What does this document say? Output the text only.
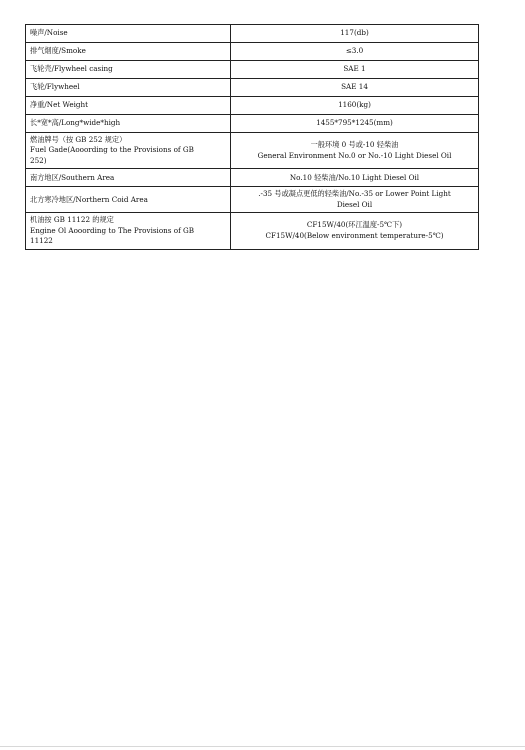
噪声/Noise	117(db)

排气烟度/Smoke	≤3.0

飞轮壳/Flywheel casing	SAE 1

飞轮/Flywheel	SAE 14

净重/Net Weight	1160(kg)

长*宽*高/Long*wide*high	1455*795*1245(mm)

燃油牌号（按 GB 252 规定）
Fuel Gade(Aooording to the Provisions of GB
252)	一般环境 0 号或-10 轻柴油
General Environment No.0 or No.-10 Light Diesel Oil

南方地区/Southern Area	No.10 轻柴油/No.10 Light Diesel Oil

北方寒冷地区/Northern Coid Area	.-35 号或凝点更低的轻柴油/No.-35 or Lower Point Light
Diesel Oil

机油按 GB 11122 的规定
Engine Ol Aooording to The Provisions of GB
11122	CF15W/40(环江温度-5℃下)
CF15W/40(Below environment temperature-5℃)
